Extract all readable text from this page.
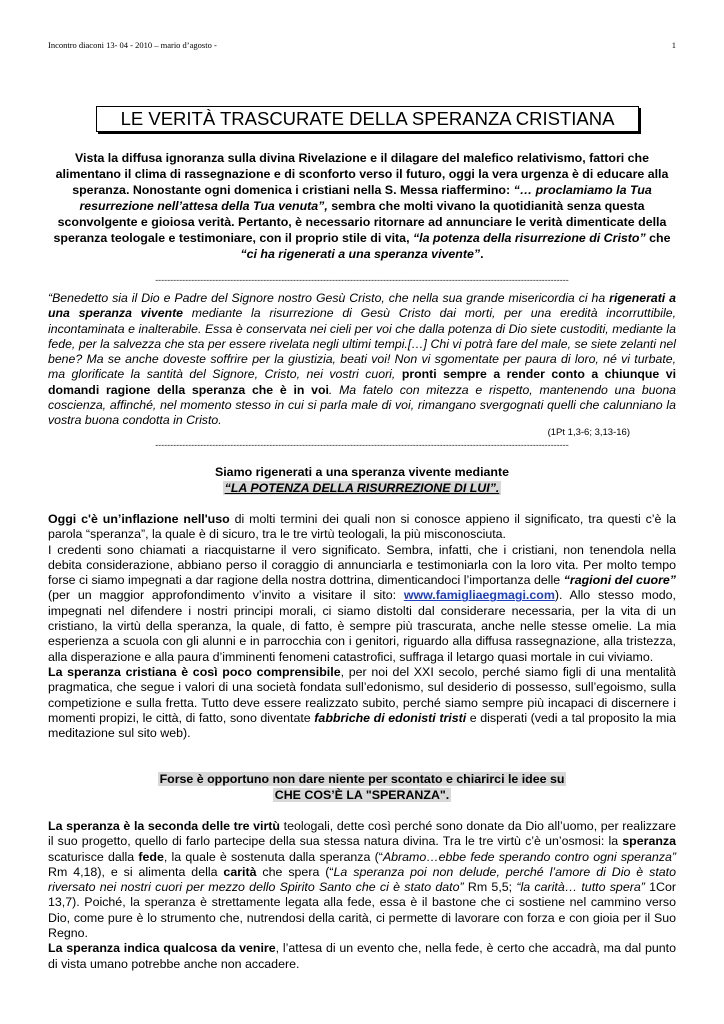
Incontro diaconi 13- 04 - 2010 – mario d’agosto -	1
LE VERITÀ TRASCURATE DELLA SPERANZA CRISTIANA
Vista la diffusa ignoranza sulla divina Rivelazione e il dilagare del malefico relativismo, fattori che alimentano il clima di rassegnazione e di sconforto verso il futuro, oggi la vera urgenza è di educare alla speranza. Nonostante ogni domenica i cristiani nella S. Messa riaffermino: “… proclamiamo la Tua resurrezione nell’attesa della Tua venuta”, sembra che molti vivano la quotidianità senza questa sconvolgente e gioiosa verità. Pertanto, è necessario ritornare ad annunciare le verità dimenticate della speranza teologale e testimoniare, con il proprio stile di vita, “la potenza della risurrezione di Cristo” che “ci ha rigenerati a una speranza vivente”.
------------------------------------------------------------------------------------------------------------------------------------------
“Benedetto sia il Dio e Padre del Signore nostro Gesù Cristo, che nella sua grande misericordia ci ha rigenerati a una speranza vivente mediante la risurrezione di Gesù Cristo dai morti, per una eredità incorruttibile, incontaminata e inalterabile. Essa è conservata nei cieli per voi che dalla potenza di Dio siete custoditi, mediante la fede, per la salvezza che sta per essere rivelata negli ultimi tempi.[…] Chi vi potrà fare del male, se siete zelanti nel bene? Ma se anche doveste soffrire per la giustizia, beati voi! Non vi sgomentate per paura di loro, né vi turbate, ma glorificate la santità del Signore, Cristo, nei vostri cuori, pronti sempre a render conto a chiunque vi domandi ragione della speranza che è in voi. Ma fatelo con mitezza e rispetto, mantenendo una buona coscienza, affinché, nel momento stesso in cui si parla male di voi, rimangano svergognati quelli che calunniano la vostra buona condotta in Cristo.
(1Pt 1,3-6; 3,13-16)
------------------------------------------------------------------------------------------------------------------------------------------
Siamo rigenerati a una speranza vivente mediante
“LA POTENZA DELLA RISURREZIONE DI LUI”.

Oggi c'è un’inflazione nell'uso di molti termini dei quali non si conosce appieno il significato, tra questi c’è la parola “speranza”, la quale è di sicuro, tra le tre virtù teologali, la più misconosciuta.

I credenti sono chiamati a riacquistarne il vero significato. Sembra, infatti, che i cristiani, non tenendola nella debita considerazione, abbiano perso il coraggio di annunciarla e testimoniarla con la loro vita. Per molto tempo forse ci siamo impegnati a dar ragione della nostra dottrina, dimenticandoci l’importanza delle “ragioni del cuore” (per un maggior approfondimento v’invito a visitare il sito: www.famigliaegmagi.com). Allo stesso modo, impegnati nel difendere i nostri principi morali, ci siamo distolti dal considerare necessaria, per la vita di un cristiano, la virtù della speranza, la quale, di fatto, è sempre più trascurata, anche nelle stesse omelie. La mia esperienza a scuola con gli alunni e in parrocchia con i genitori, riguardo alla diffusa rassegnazione, alla tristezza, alla disperazione e alla paura d’imminenti fenomeni catastrofici, suffraga il letargo quasi mortale in cui viviamo.

La speranza cristiana è così poco comprensibile, per noi del XXI secolo, perché siamo figli di una mentalità pragmatica, che segue i valori di una società fondata sull’edonismo, sul desiderio di possesso, sull’egoismo, sulla competizione e sulla fretta. Tutto deve essere realizzato subito, perché siamo sempre più incapaci di discernere i momenti propizi, le città, di fatto, sono diventate fabbriche di edonisti tristi e disperati (vedi a tal proposito la mia meditazione sul sito web).

Forse è opportuno non dare niente per scontato e chiarirci le idee su
CHE COS’È LA "SPERANZA".

La speranza è la seconda delle tre virtù teologali, dette così perché sono donate da Dio all’uomo, per realizzare il suo progetto, quello di farlo partecipe della sua stessa natura divina. Tra le tre virtù c’è un’osmosi: la speranza scaturisce dalla fede, la quale è sostenuta dalla speranza (“Abramo…ebbe fede sperando contro ogni speranza” Rm 4,18), e si alimenta della carità che spera (“La speranza poi non delude, perché l’amore di Dio è stato riversato nei nostri cuori per mezzo dello Spirito Santo che ci è stato dato” Rm 5,5; “la carità… tutto spera” 1Cor 13,7). Poiché, la speranza è strettamente legata alla fede, essa è il bastone che ci sostiene nel cammino verso Dio, come pure è lo strumento che, nutrendosi della carità, ci permette di lavorare con forza e con gioia per il Suo Regno.

La speranza indica qualcosa da venire, l’attesa di un evento che, nella fede, è certo che accadrà, ma dal punto di vista umano potrebbe anche non accadere.
